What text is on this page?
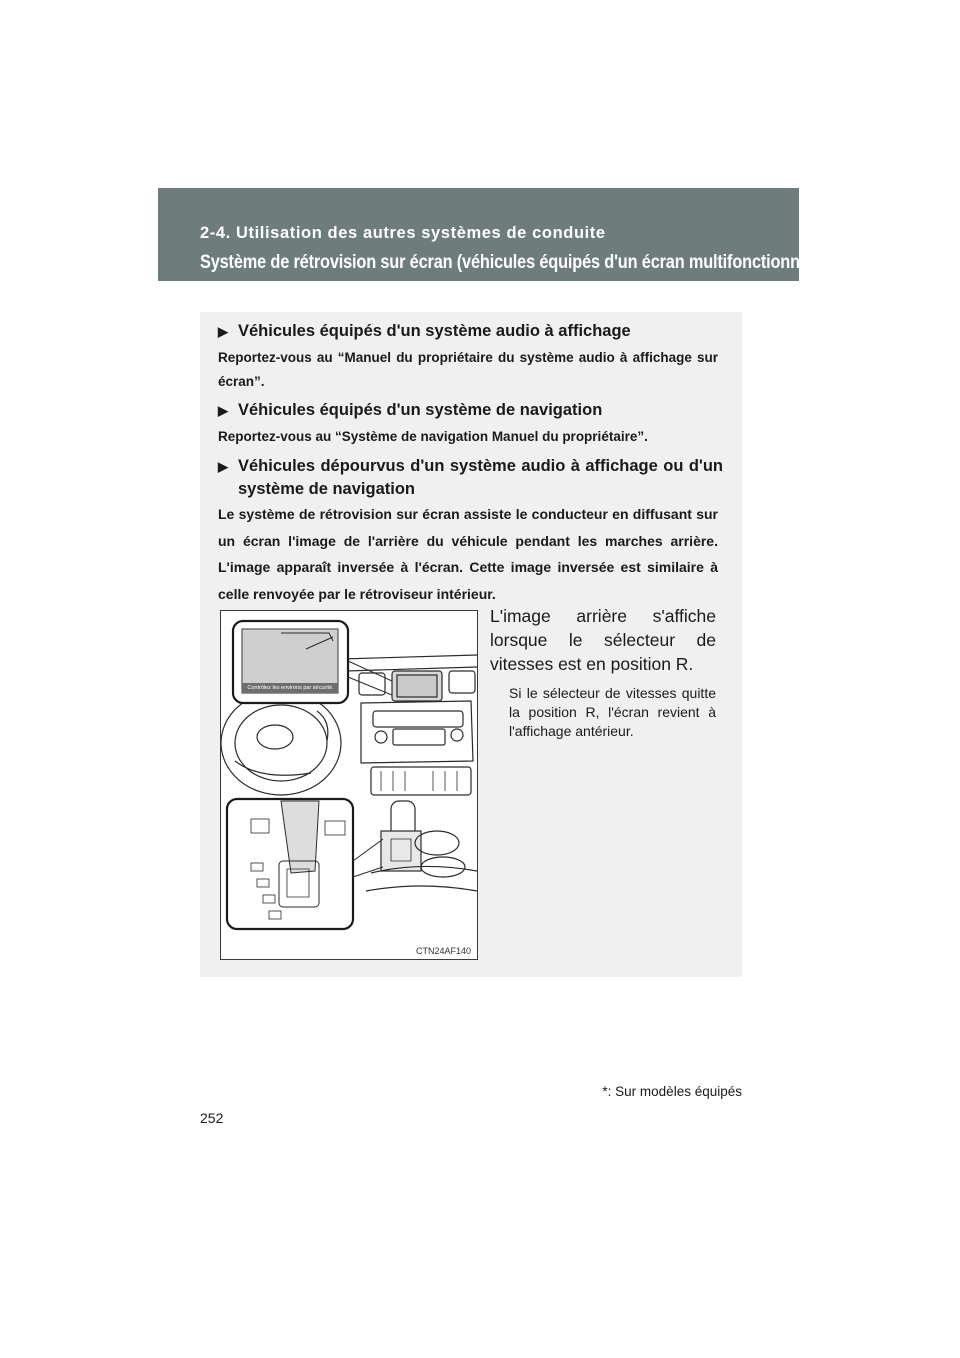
2-4. Utilisation des autres systèmes de conduite
Système de rétrovision sur écran (véhicules équipés d'un écran multifonctionnel)*
▶ Véhicules équipés d'un système audio à affichage
Reportez-vous au “Manuel du propriétaire du système audio à affichage sur écran”.
▶ Véhicules équipés d'un système de navigation
Reportez-vous au “Système de navigation Manuel du propriétaire”.
▶ Véhicules dépourvus d'un système audio à affichage ou d'un système de navigation
Le système de rétrovision sur écran assiste le conducteur en diffusant sur un écran l'image de l'arrière du véhicule pendant les marches arrière. L'image apparaît inversée à l'écran. Cette image inversée est similaire à celle renvoyée par le rétroviseur intérieur.
Contrôlez les environs par sécurité.
CTN24AF140
L'image arrière s'affiche lorsque le sélecteur de vitesses est en position R.
Si le sélecteur de vitesses quitte la position R, l'écran revient à l'affichage antérieur.
*: Sur modèles équipés
252
